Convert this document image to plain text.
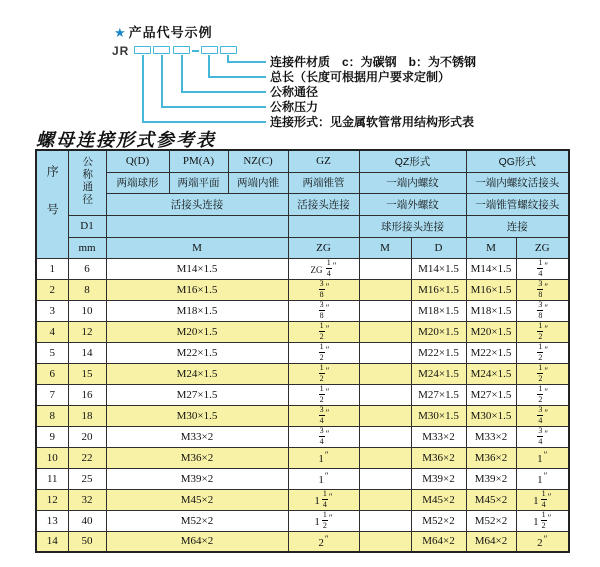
★ 产品代号示例
JR
连接件材质　c：为碳钢　b：为不锈钢
总长（长度可根据用户要求定制）
公称通径
公称压力
连接形式：见金属软管常用结构形式表
螺母连接形式参考表
序号	公称通径	Q(D)	PM(A)	NZ(C)	GZ	QZ形式		QG形式	
		两端球形	两端平面	两端内锥	两端锥管	一端内螺纹		一端内螺纹活接头	
		活接头连接			活接头连接	一端外螺纹		一端锥管螺纹接头	
	D1					球形接头连接		连接	
	mm	M			ZG	M	D	M	ZG
1	6	M14×1.5			ZG $\frac{1}{4} ''$		M14×1.5	M14×1.5	$\frac{1}{4} ''$
2	8	M16×1.5			$\frac{3}{8} ''$		M16×1.5	M16×1.5	$\frac{3}{8} ''$
3	10	M18×1.5			$\frac{3}{8} ''$		M18×1.5	M18×1.5	$\frac{3}{8} ''$
4	12	M20×1.5			$\frac{1}{2} ''$		M20×1.5	M20×1.5	$\frac{1}{2} ''$
5	14	M22×1.5			$\frac{1}{2} ''$		M22×1.5	M22×1.5	$\frac{1}{2} ''$
6	15	M24×1.5			$\frac{1}{2} ''$		M24×1.5	M24×1.5	$\frac{1}{2} ''$
7	16	M27×1.5			$\frac{1}{2} ''$		M27×1.5	M27×1.5	$\frac{1}{2} ''$
8	18	M30×1.5			$\frac{3}{4} ''$		M30×1.5	M30×1.5	$\frac{3}{4} ''$
9	20	M33×2			$\frac{3}{4} ''$		M33×2	M33×2	$\frac{3}{4} ''$
10	22	M36×2			1″		M36×2	M36×2	1″
11	25	M39×2			1″		M39×2	M39×2	1″
12	32	M45×2			$1 \frac{1}{4} ''$		M45×2	M45×2	$1 \frac{1}{4} ''$
13	40	M52×2			$1 \frac{1}{2} ''$		M52×2	M52×2	$1 \frac{1}{2} ''$
14	50	M64×2			2″		M64×2	M64×2	2″
